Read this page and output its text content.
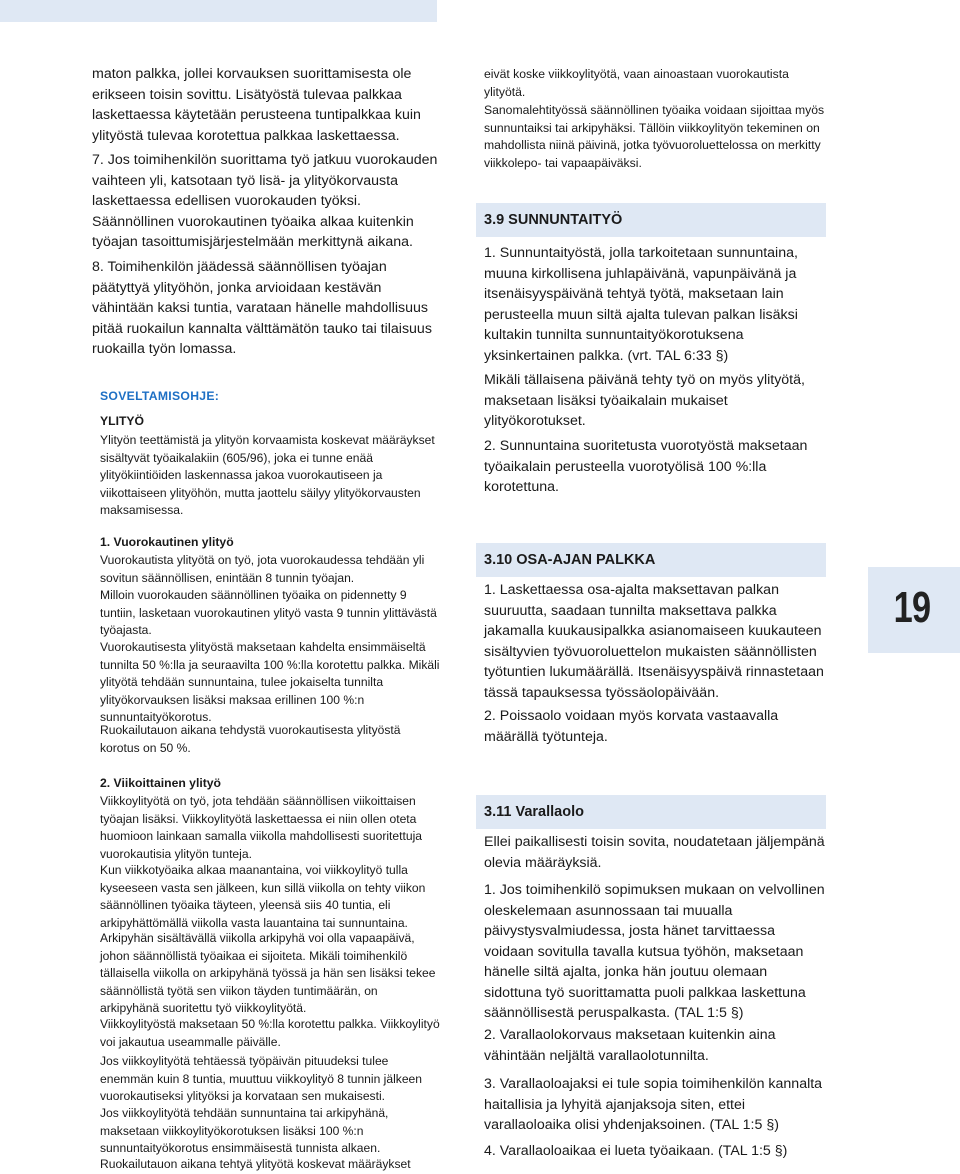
maton palkka, jollei korvauksen suorittamisesta ole erikseen toisin sovittu. Lisätyöstä tulevaa palkkaa laskettaessa käytetään perusteena tuntipalkkaa kuin ylityöstä tulevaa korotettua palkkaa laskettaessa.

7. Jos toimihenkilön suorittama työ jatkuu vuorokauden vaihteen yli, katsotaan työ lisä- ja ylityökorvausta laskettaessa edellisen vuorokauden työksi. Säännöllinen vuorokautinen työaika alkaa kuitenkin työajan tasoittumisjärjestelmään merkittynä aikana.

8. Toimihenkilön jäädessä säännöllisen työajan päätyttyä ylityöhön, jonka arvioidaan kestävän vähintään kaksi tuntia, varataan hänelle mahdollisuus pitää ruokailun kannalta välttämätön tauko tai tilaisuus ruokailla työn lomassa.

SOVELTAMISOHJE:
YLITYÖ

Ylityön teettämistä ja ylityön korvaamista koskevat määräykset sisältyvät työaikalakiin (605/96), joka ei tunne enää ylityökiintiöiden laskennassa jakoa vuorokautiseen ja viikottaiseen ylityöhön, mutta jaottelu säilyy ylityökorvausten maksamisessa.

1. Vuorokautinen ylityö

Vuorokautista ylityötä on työ, jota vuorokaudessa tehdään yli sovitun säännöllisen, enintään 8 tunnin työajan.

Milloin vuorokauden säännöllinen työaika on pidennetty 9 tuntiin, lasketaan vuorokautinen ylityö vasta 9 tunnin ylittävästä työajasta.

Vuorokautisesta ylityöstä maksetaan kahdelta ensimmäiseltä tunnilta 50 %:lla ja seuraavilta 100 %:lla korotettu palkka. Mikäli ylityötä tehdään sunnuntaina, tulee jokaiselta tunnilta ylityökorvauksen lisäksi maksaa erillinen 100 %:n sunnuntaityökorotus.

Ruokailutauon aikana tehdystä vuorokautisesta ylityöstä korotus on 50 %.

2. Viikoittainen ylityö

Viikkoylityötä on työ, jota tehdään säännöllisen viikoittaisen työajan lisäksi. Viikkoylityötä laskettaessa ei niin ollen oteta huomioon lainkaan samalla viikolla mahdollisesti suoritettuja vuorokautisia ylityön tunteja.

Kun viikkotyöaika alkaa maanantaina, voi viikkoylityö tulla kyseeseen vasta sen jälkeen, kun sillä viikolla on tehty viikon säännöllinen työaika täyteen, yleensä siis 40 tuntia, eli arkipyhättömällä viikolla vasta lauantaina tai sunnuntaina.

Arkipyhän sisältävällä viikolla arkipyhä voi olla vapaapäivä, johon säännöllistä työaikaa ei sijoiteta. Mikäli toimihenkilö tällaisella viikolla on arkipyhänä työssä ja hän sen lisäksi tekee säännöllistä työtä sen viikon täyden tuntimäärän, on arkipyhänä suoritettu työ viikkoylityötä.

Viikkoylityöstä maksetaan 50 %:lla korotettu palkka. Viikkoylityö voi jakautua useammalle päivälle.

Jos viikkoylityötä tehtäessä työpäivän pituudeksi tulee enemmän kuin 8 tuntia, muuttuu viikkoylityö 8 tunnin jälkeen vuorokautiseksi ylityöksi ja korvataan sen mukaisesti.

Jos viikkoylityötä tehdään sunnuntaina tai arkipyhänä, maksetaan viikkoylityökorotuksen lisäksi 100 %:n sunnuntaityökorotus ensimmäisestä tunnista alkaen.

Ruokailutauon aikana tehtyä ylityötä koskevat määräykset

eivät koske viikkoylityötä, vaan ainoastaan vuorokautista ylityötä.

Sanomalehtityössä säännöllinen työaika voidaan sijoittaa myös sunnuntaiksi tai arkipyhäksi. Tällöin viikkoylityön tekeminen on mahdollista niinä päivinä, jotka työvuoroluettelossa on merkitty viikkolepo- tai vapaapäiväksi.

3.9 SUNNUNTAITYÖ

1. Sunnuntaityöstä, jolla tarkoitetaan sunnuntaina, muuna kirkollisena juhlapäivänä, vapunpäivänä ja itsenäisyyspäivänä tehtyä työtä, maksetaan lain perusteella muun siltä ajalta tulevan palkan lisäksi kultakin tunnilta sunnuntaityökorotuksena yksinkertainen palkka. (vrt. TAL 6:33 §)

Mikäli tällaisena päivänä tehty työ on myös ylityötä, maksetaan lisäksi työaikalain mukaiset ylityökorotukset.

2. Sunnuntaina suoritetusta vuorotyöstä maksetaan työaikalain perusteella vuorotyölisä 100 %:lla korotettuna.

3.10 OSA-AJAN PALKKA

1. Laskettaessa osa-ajalta maksettavan palkan suuruutta, saadaan tunnilta maksettava palkka jakamalla kuukausipalkka asianomaiseen kuukauteen sisältyvien työvuoroluettelon mukaisten säännöllisten työtuntien lukumäärällä. Itsenäisyyspäivä rinnastetaan tässä tapauksessa työssäolopäivään.

2. Poissaolo voidaan myös korvata vastaavalla määrällä työtunteja.

3.11 Varallaolo

Ellei paikallisesti toisin sovita, noudatetaan jäljempänä olevia määräyksiä.

1. Jos toimihenkilö sopimuksen mukaan on velvollinen oleskelemaan asunnossaan tai muualla päivystysvalmiudessa, josta hänet tarvittaessa voidaan sovitulla tavalla kutsua työhön, maksetaan hänelle siltä ajalta, jonka hän joutuu olemaan sidottuna työ suorittamatta puoli palkkaa laskettuna säännöllisestä peruspalkasta. (TAL 1:5 §)

2. Varallaolokorvaus maksetaan kuitenkin aina vähintään neljältä varallaolotunnilta.

3. Varallaoloajaksi ei tule sopia toimihenkilön kannalta haitallisia ja lyhyitä ajanjaksoja siten, ettei varallaoloaika olisi yhdenjaksoinen. (TAL 1:5 §)

4. Varallaoloaikaa ei lueta työaikaan. (TAL 1:5 §)

19
